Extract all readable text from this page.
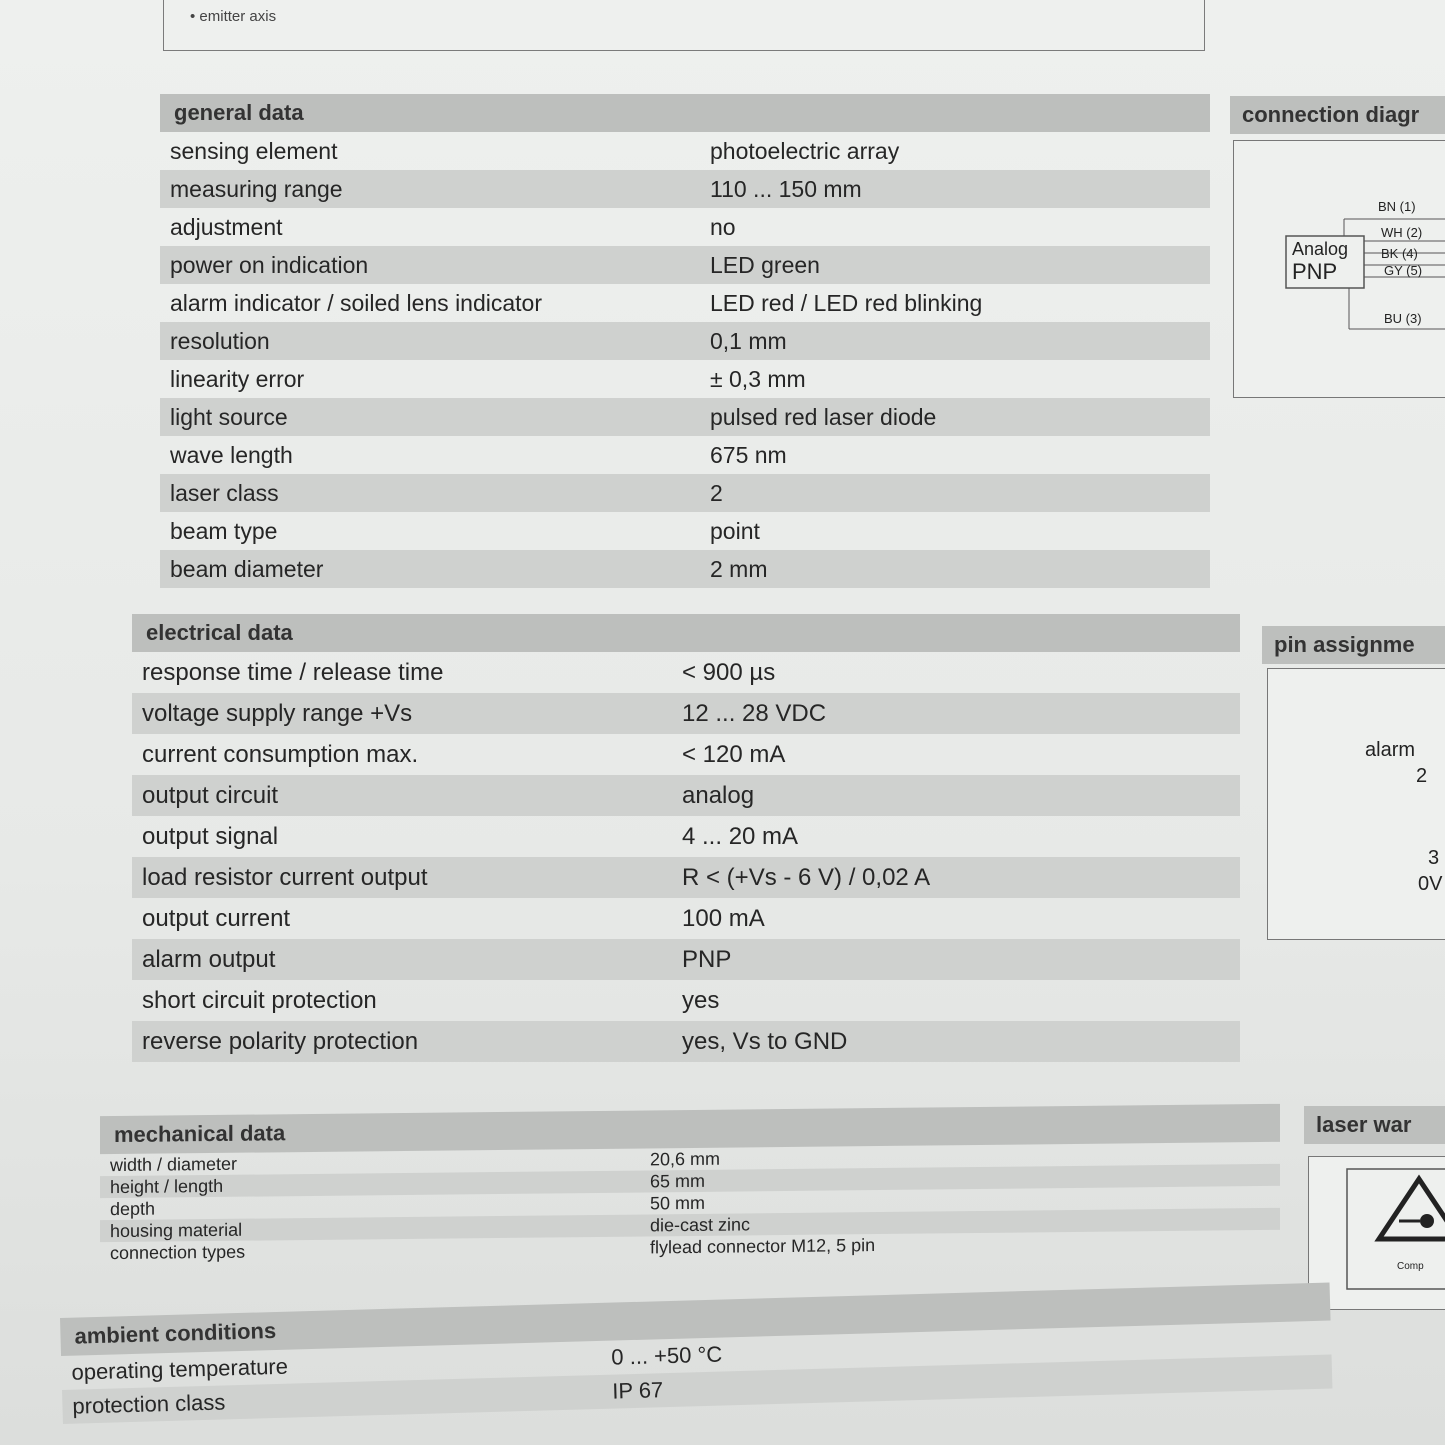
• emitter axis
general data
sensing element	photoelectric array
measuring range	110 ... 150 mm
adjustment	no
power on indication	LED green
alarm indicator / soiled lens indicator	LED red / LED red blinking
resolution	0,1 mm
linearity error	± 0,3 mm
light source	pulsed red laser diode
wave length	675 nm
laser class	2
beam type	point
beam diameter	2 mm
connection diagr
Analog
PNP
BN (1)
WH (2)
BK (4)
GY (5)
BU (3)
electrical data
response time / release time	< 900 µs
voltage supply range +Vs	12 ... 28 VDC
current consumption max.	< 120 mA
output circuit	analog
output signal	4 ... 20 mA
load resistor current output	R < (+Vs - 6 V) / 0,02 A
output current	100 mA
alarm output	PNP
short circuit protection	yes
reverse polarity protection	yes, Vs to GND
pin assignme
alarm
2
3
0V
mechanical data
width / diameter	20,6 mm
height / length	65 mm
depth	50 mm
housing material	die-cast zinc
connection types	flylead connector M12, 5 pin
laser war
Comp
ambient conditions
operating temperature	0 ... +50 °C
protection class	IP 67
